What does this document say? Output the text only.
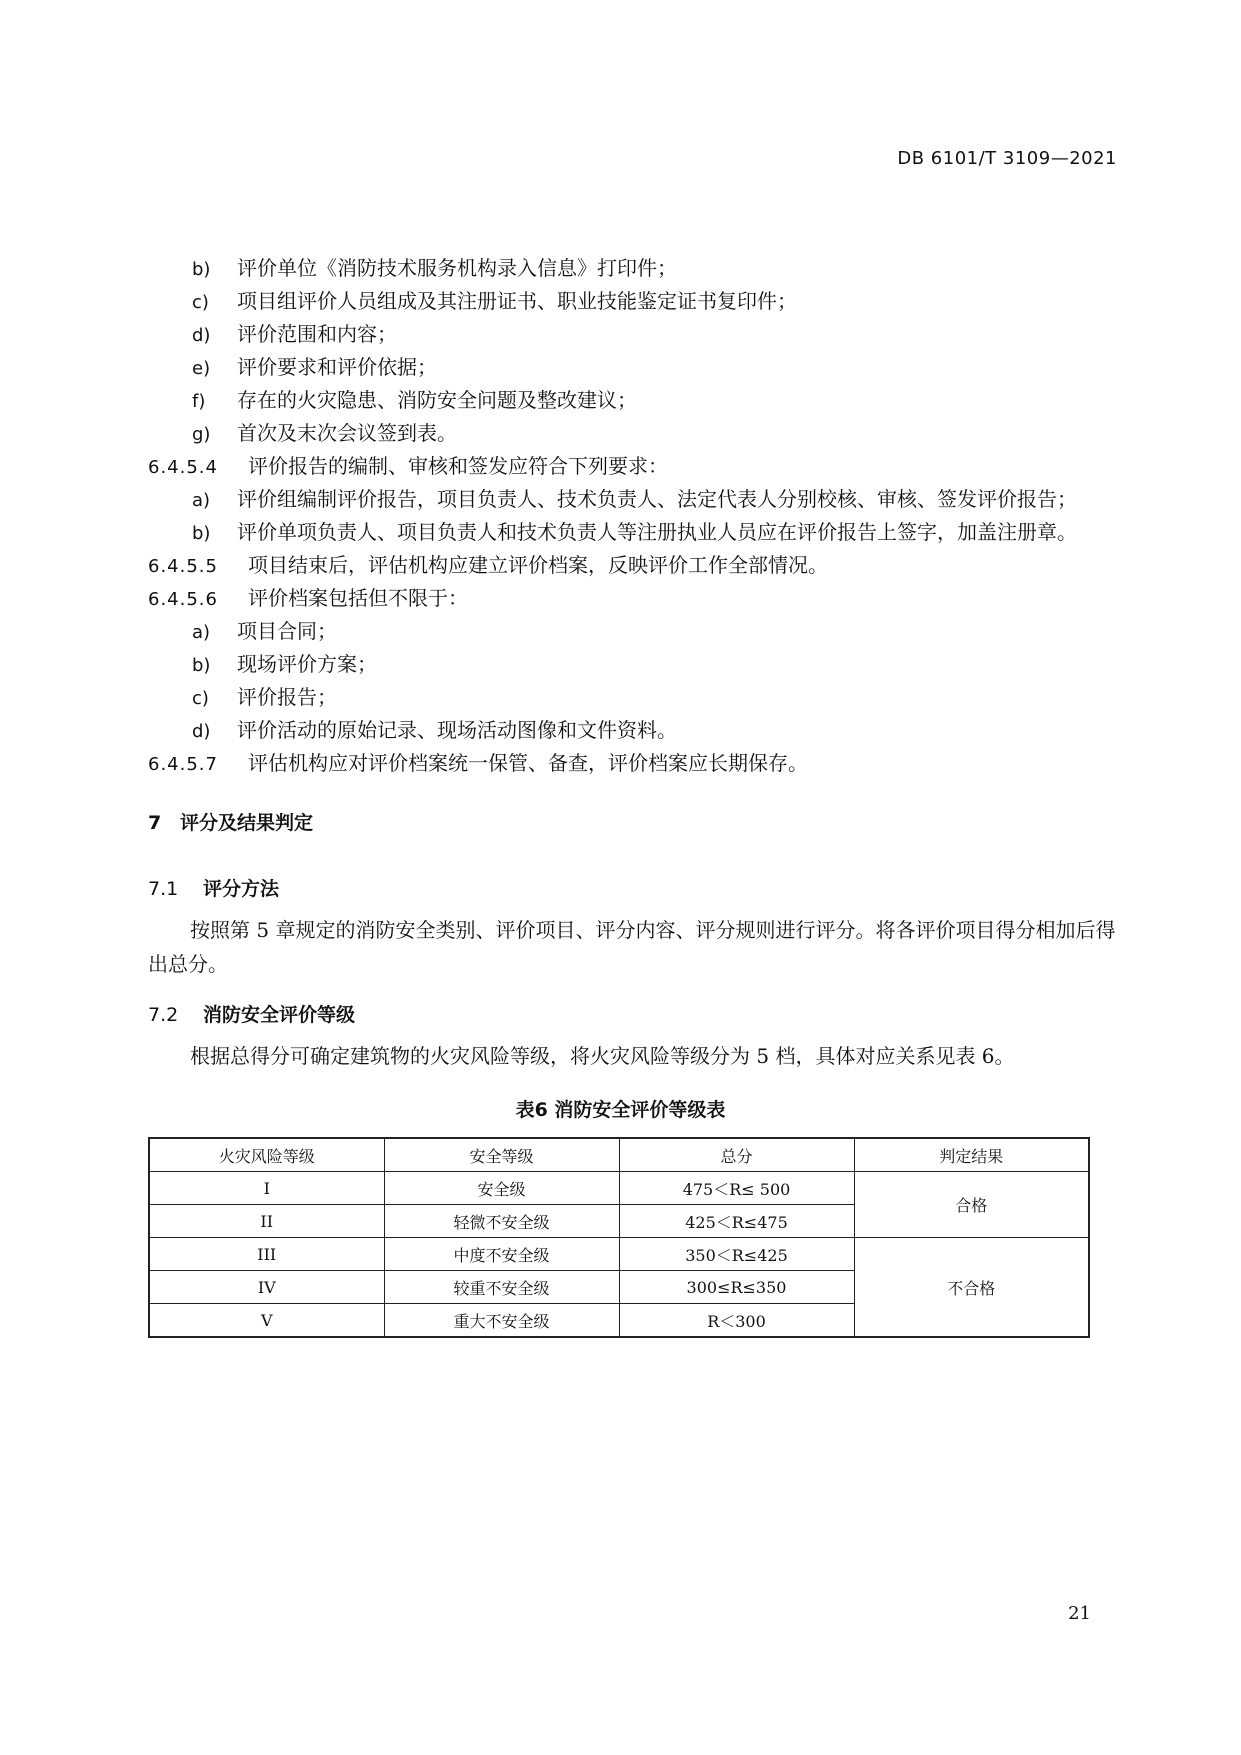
DB 6101/T 3109—2021
b) 评价单位《消防技术服务机构录入信息》打印件；
c) 项目组评价人员组成及其注册证书、职业技能鉴定证书复印件；
d) 评价范围和内容；
e) 评价要求和评价依据；
f) 存在的火灾隐患、消防安全问题及整改建议；
g) 首次及末次会议签到表。
6.4.5.4 评价报告的编制、审核和签发应符合下列要求：
a) 评价组编制评价报告，项目负责人、技术负责人、法定代表人分别校核、审核、签发评价报告；
b) 评价单项负责人、项目负责人和技术负责人等注册执业人员应在评价报告上签字，加盖注册章。
6.4.5.5 项目结束后，评估机构应建立评价档案，反映评价工作全部情况。
6.4.5.6 评价档案包括但不限于：
a) 项目合同；
b) 现场评价方案；
c) 评价报告；
d) 评价活动的原始记录、现场活动图像和文件资料。
6.4.5.7 评估机构应对评价档案统一保管、备查，评价档案应长期保存。
7 评分及结果判定
7.1 评分方法
按照第 5 章规定的消防安全类别、评价项目、评分内容、评分规则进行评分。将各评价项目得分相加后得出总分。
7.2 消防安全评价等级
根据总得分可确定建筑物的火灾风险等级，将火灾风险等级分为 5 档，具体对应关系见表 6。
表6 消防安全评价等级表
火灾风险等级	安全等级	总分	判定结果
I	安全级	475＜R≤ 500	合格
II	轻微不安全级	425＜R≤475	
III	中度不安全级	350＜R≤425	不合格
IV	较重不安全级	300≤R≤350	
V	重大不安全级	R＜300	
21
